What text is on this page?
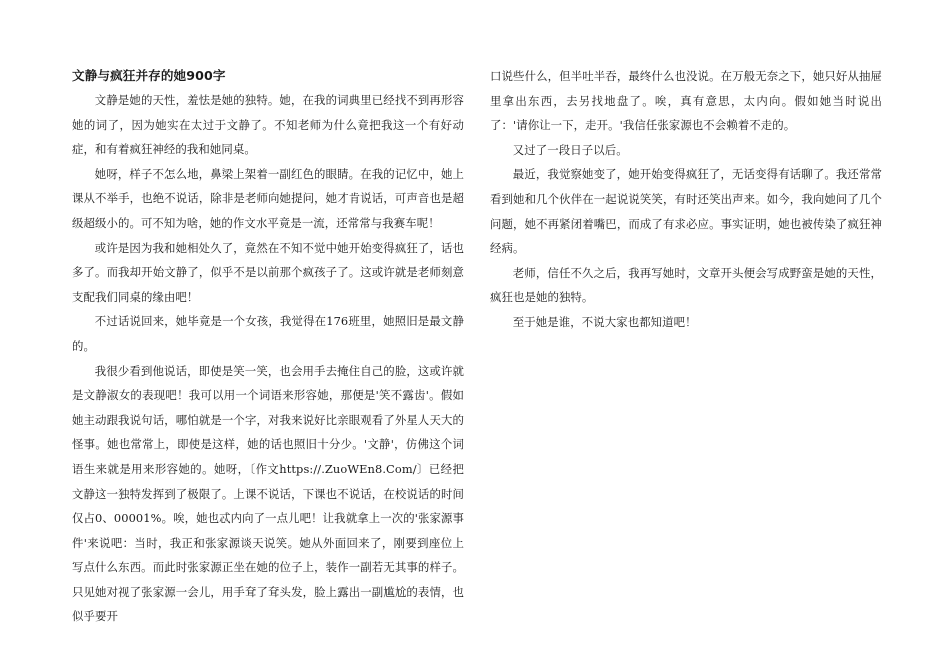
文静与疯狂并存的她900字

文静是她的天性，羞怯是她的独特。她，在我的词典里已经找不到再形容她的词了，因为她实在太过于文静了。不知老师为什么竟把我这一个有好动症，和有着疯狂神经的我和她同桌。

她呀，样子不怎么地，鼻梁上架着一副红色的眼睛。在我的记忆中，她上课从不举手，也绝不说话，除非是老师向她提问，她才肯说话，可声音也是超级超级小的。可不知为啥，她的作文水平竟是一流，还常常与我赛车呢！

或许是因为我和她相处久了，竟然在不知不觉中她开始变得疯狂了，话也多了。而我却开始文静了，似乎不是以前那个疯孩子了。这或许就是老师刻意支配我们同桌的缘由吧！

不过话说回来，她毕竟是一个女孩，我觉得在176班里，她照旧是最文静的。

我很少看到他说话，即使是笑一笑，也会用手去掩住自己的脸，这或许就是文静淑女的表现吧！我可以用一个词语来形容她，那便是'笑不露齿'。假如她主动跟我说句话，哪怕就是一个字，对我来说好比亲眼观看了外星人天大的怪事。她也常常上，即使是这样，她的话也照旧十分少。'文静'，仿佛这个词语生来就是用来形容她的。她呀，〔作文https://.ZuoWEn8.Com/〕已经把文静这一独特发挥到了极限了。上课不说话，下课也不说话，在校说话的时间仅占0、00001%。唉，她也忒内向了一点儿吧！让我就拿上一次的'张家源事件'来说吧：当时，我正和张家源谈天说笑。她从外面回来了，刚要到座位上写点什么东西。而此时张家源正坐在她的位子上，装作一副若无其事的样子。只见她对视了张家源一会儿，用手耷了耷头发，脸上露出一副尴尬的表情，也似乎要开

口说些什么，但半吐半吞，最终什么也没说。在万般无奈之下，她只好从抽屉里拿出东西，去另找地盘了。唉，真有意思，太内向。假如她当时说出了：'请你让一下，走开。'我信任张家源也不会赖着不走的。

又过了一段日子以后。

最近，我觉察她变了，她开始变得疯狂了，无话变得有话聊了。我还常常看到她和几个伙伴在一起说说笑笑，有时还笑出声来。如今，我向她问了几个问题，她不再紧闭着嘴巴，而成了有求必应。事实证明，她也被传染了疯狂神经病。

老师，信任不久之后，我再写她时，文章开头便会写成野蛮是她的天性，疯狂也是她的独特。

至于她是谁，不说大家也都知道吧！
